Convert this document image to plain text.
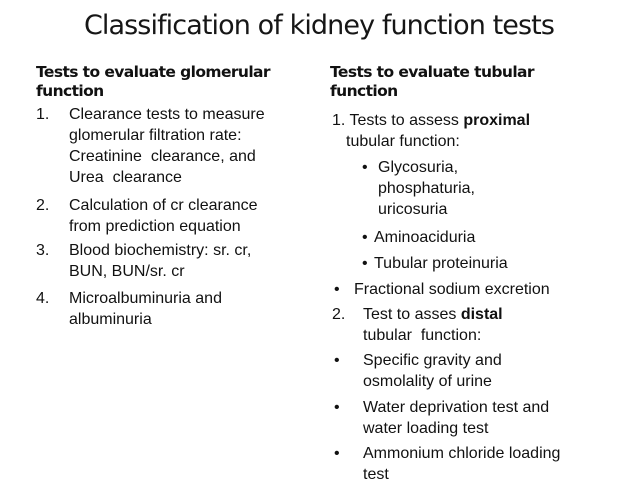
Classification of kidney function tests
Tests to evaluate glomerular
function
1. Clearance tests to measure
glomerular filtration rate:
Creatinine  clearance, and
Urea  clearance
2. Calculation of cr clearance
from prediction equation
3. Blood biochemistry: sr. cr,
BUN, BUN/sr. cr
4. Microalbuminuria and
albuminuria
Tests to evaluate tubular
function
1. Tests to assess proximal
tubular function:
• Glycosuria,
phosphaturia,
uricosuria
• Aminoaciduria
• Tubular proteinuria
• Fractional sodium excretion
2. Test to asses distal
tubular  function:
• Specific gravity and
osmolality of urine
• Water deprivation test and
water loading test
• Ammonium chloride loading
test
